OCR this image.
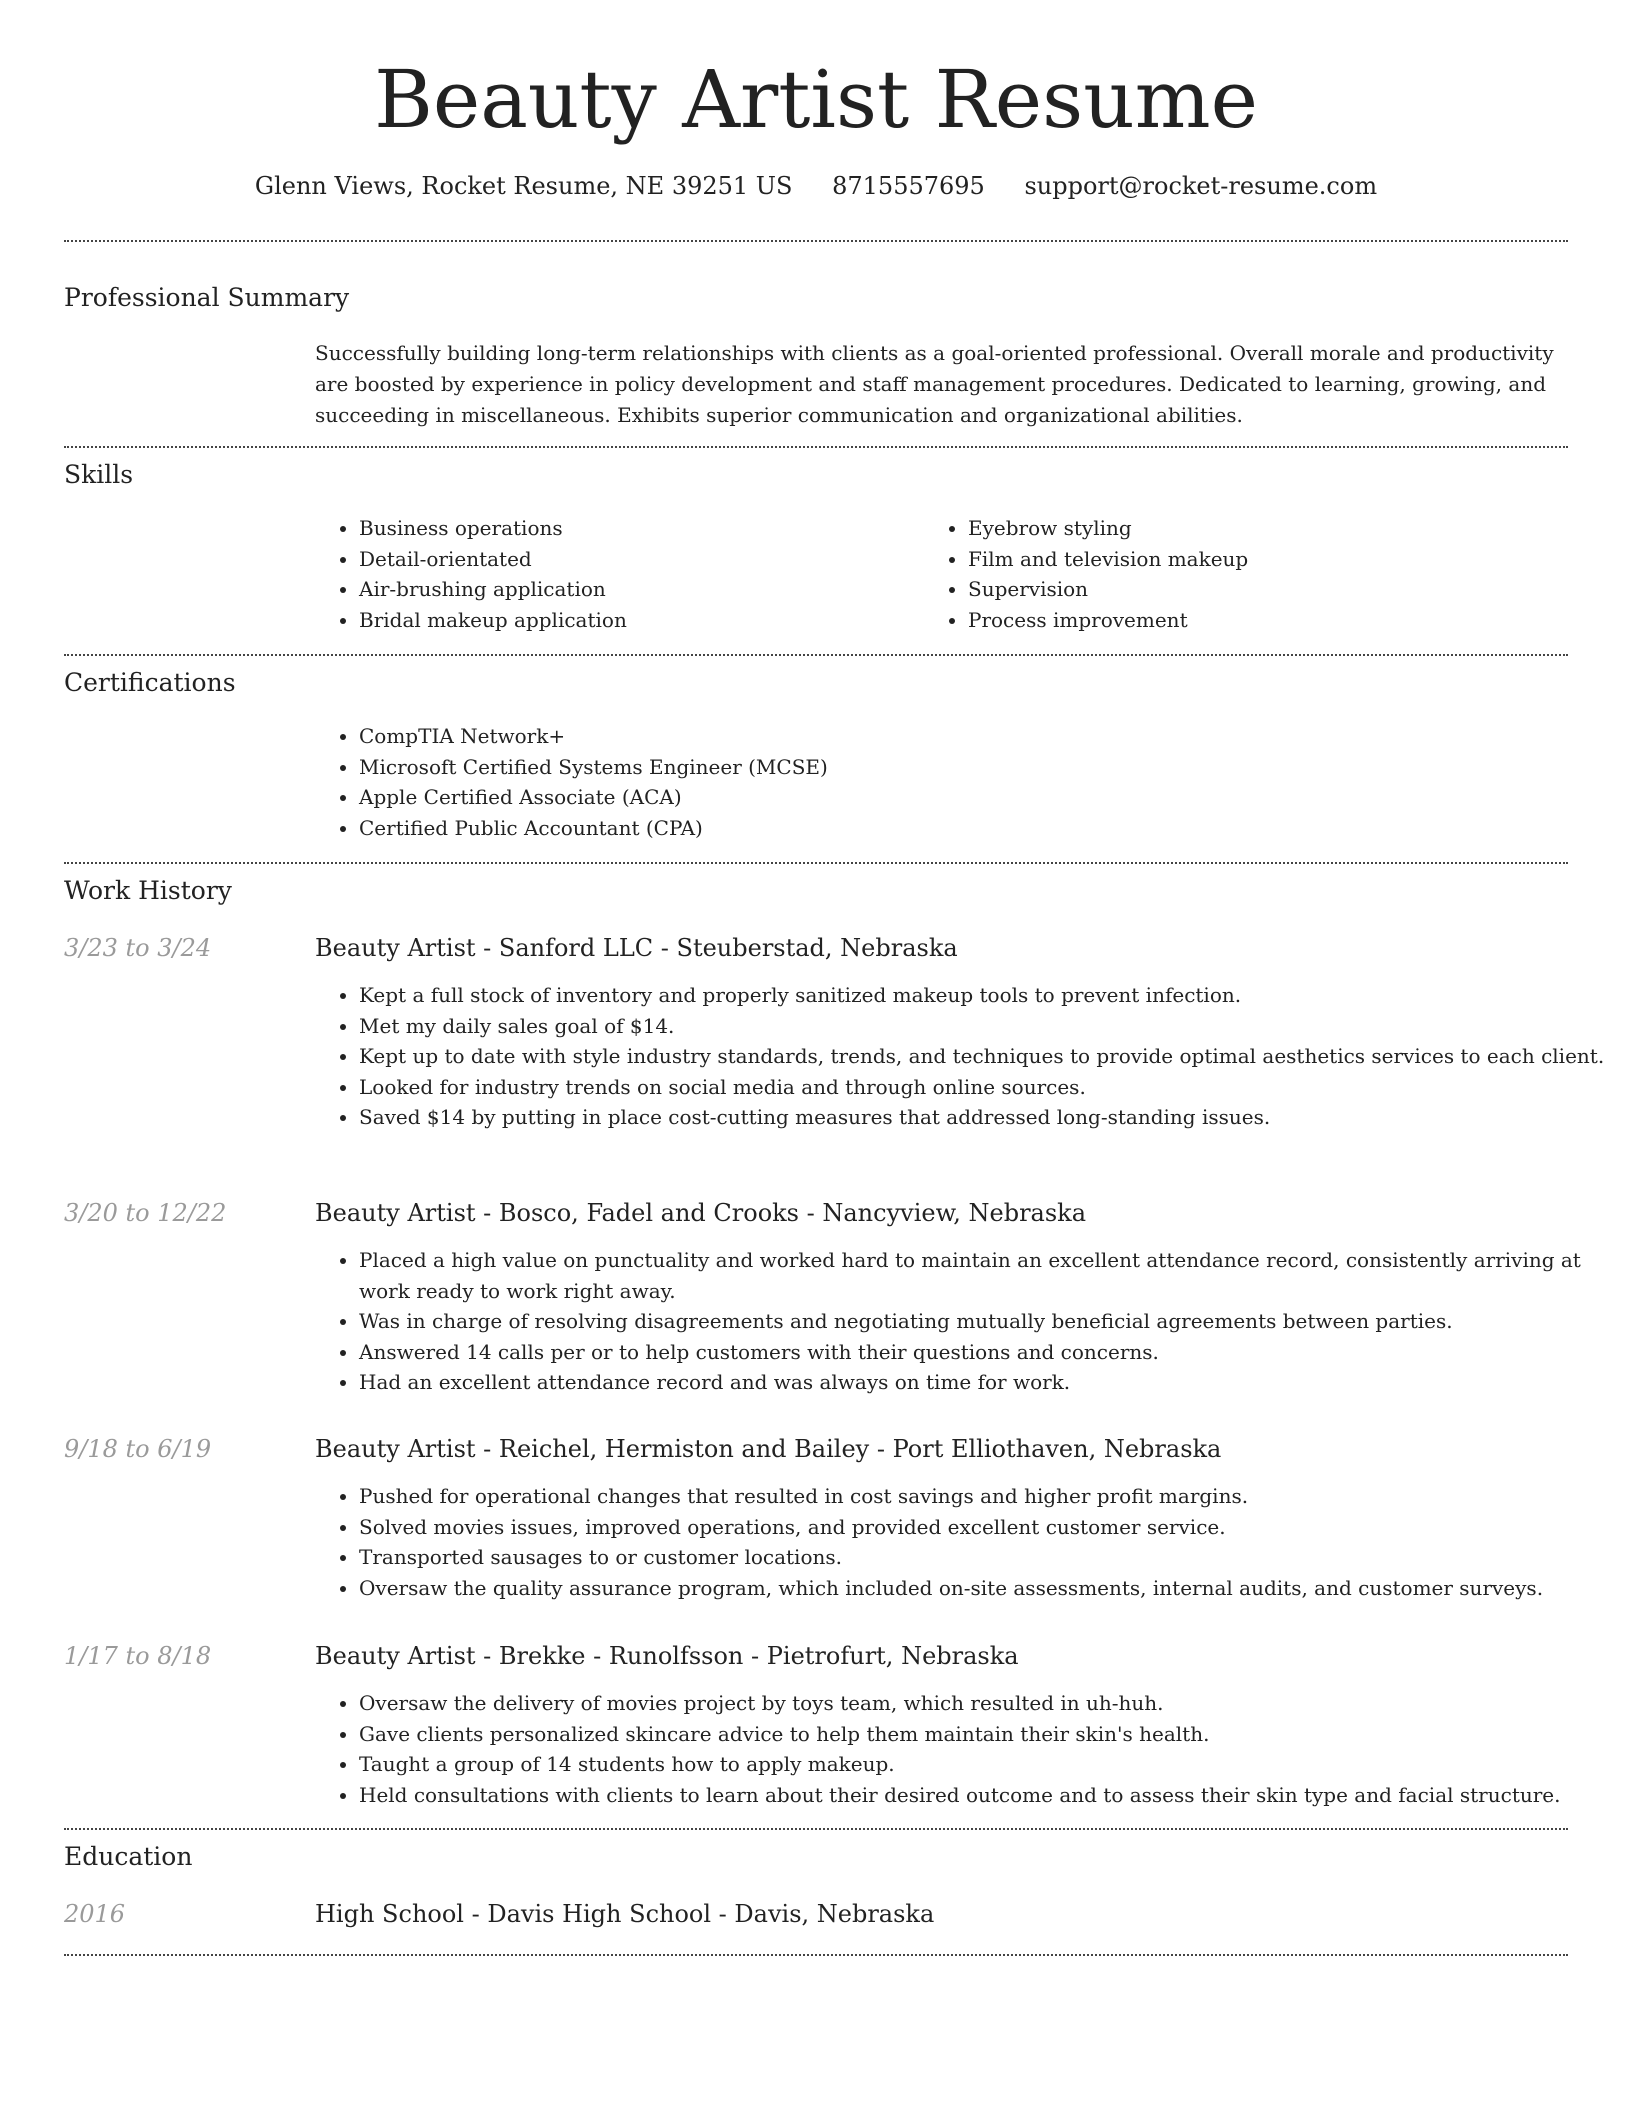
Beauty Artist Resume
Glenn Views, Rocket Resume, NE 39251 US 8715557695 support@rocket-resume.com
Professional Summary
Successfully building long-term relationships with clients as a goal-oriented professional. Overall morale and productivity are boosted by experience in policy development and staff management procedures. Dedicated to learning, growing, and succeeding in miscellaneous. Exhibits superior communication and organizational abilities.
Skills
• Business operations
• Detail-orientated
• Air-brushing application
• Bridal makeup application
• Eyebrow styling
• Film and television makeup
• Supervision
• Process improvement
Certifications
• CompTIA Network+
• Microsoft Certified Systems Engineer (MCSE)
• Apple Certified Associate (ACA)
• Certified Public Accountant (CPA)
Work History
3/23 to 3/24	Beauty Artist - Sanford LLC - Steuberstad, Nebraska
• Kept a full stock of inventory and properly sanitized makeup tools to prevent infection.
• Met my daily sales goal of $14.
• Kept up to date with style industry standards, trends, and techniques to provide optimal aesthetics services to each client.
• Looked for industry trends on social media and through online sources.
• Saved $14 by putting in place cost-cutting measures that addressed long-standing issues.
3/20 to 12/22	Beauty Artist - Bosco, Fadel and Crooks - Nancyview, Nebraska
• Placed a high value on punctuality and worked hard to maintain an excellent attendance record, consistently arriving at work ready to work right away.
• Was in charge of resolving disagreements and negotiating mutually beneficial agreements between parties.
• Answered 14 calls per or to help customers with their questions and concerns.
• Had an excellent attendance record and was always on time for work.
9/18 to 6/19	Beauty Artist - Reichel, Hermiston and Bailey - Port Elliothaven, Nebraska
• Pushed for operational changes that resulted in cost savings and higher profit margins.
• Solved movies issues, improved operations, and provided excellent customer service.
• Transported sausages to or customer locations.
• Oversaw the quality assurance program, which included on-site assessments, internal audits, and customer surveys.
1/17 to 8/18	Beauty Artist - Brekke - Runolfsson - Pietrofurt, Nebraska
• Oversaw the delivery of movies project by toys team, which resulted in uh-huh.
• Gave clients personalized skincare advice to help them maintain their skin's health.
• Taught a group of 14 students how to apply makeup.
• Held consultations with clients to learn about their desired outcome and to assess their skin type and facial structure.
Education
2016	High School - Davis High School - Davis, Nebraska
